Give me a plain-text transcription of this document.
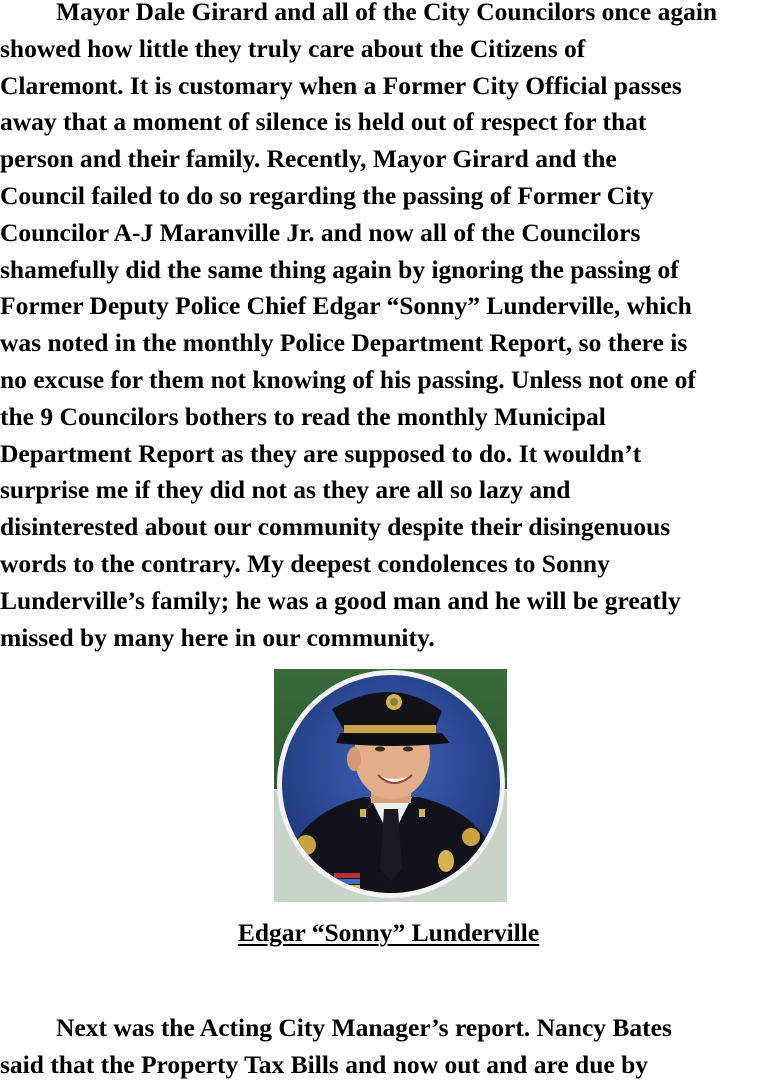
Mayor Dale Girard and all of the City Councilors once again
showed how little they truly care about the Citizens of
Claremont. It is customary when a Former City Official passes
away that a moment of silence is held out of respect for that
person and their family. Recently, Mayor Girard and the
Council failed to do so regarding the passing of Former City
Councilor A-J Maranville Jr. and now all of the Councilors
shamefully did the same thing again by ignoring the passing of
Former Deputy Police Chief Edgar “Sonny” Lunderville, which
was noted in the monthly Police Department Report, so there is
no excuse for them not knowing of his passing. Unless not one of
the 9 Councilors bothers to read the monthly Municipal
Department Report as they are supposed to do. It wouldn’t
surprise me if they did not as they are all so lazy and
disinterested about our community despite their disingenuous
words to the contrary. My deepest condolences to Sonny
Lunderville’s family; he was a good man and he will be greatly
missed by many here in our community.
Edgar “Sonny” Lunderville
Next was the Acting City Manager’s report. Nancy Bates
said that the Property Tax Bills and now out and are due by
